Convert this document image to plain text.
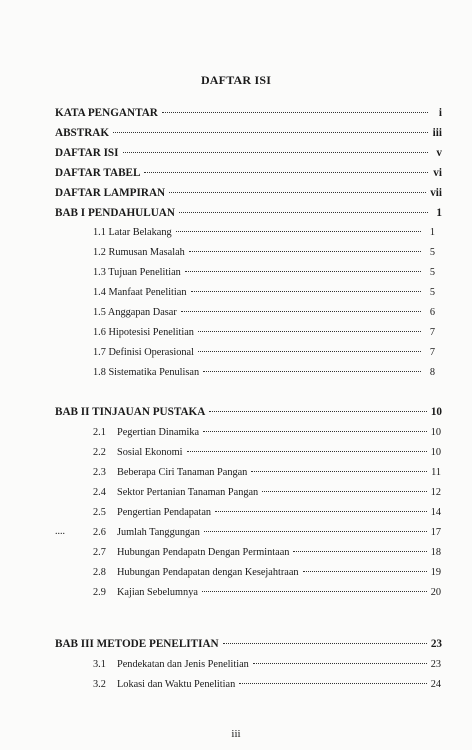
DAFTAR ISI
KATA PENGANTAR	i
ABSTRAK	iii
DAFTAR ISI	v
DAFTAR TABEL	vi
DAFTAR LAMPIRAN	vii
BAB I PENDAHULUAN	1
1.1 Latar Belakang	1
1.2 Rumusan Masalah	5
1.3 Tujuan Penelitian	5
1.4 Manfaat Penelitian	5
1.5 Anggapan Dasar	6
1.6 Hipotesisi Penelitian	7
1.7 Definisi Operasional	7
1.8 Sistematika Penulisan	8
BAB II TINJAUAN PUSTAKA	10
2.1 Pegertian Dinamika	10
2.2 Sosial Ekonomi	10
2.3 Beberapa Ciri Tanaman Pangan	11
2.4 Sektor Pertanian Tanaman Pangan	12
2.5 Pengertian Pendapatan	14
2.6 Jumlah Tanggungan	17
2.7 Hubungan Pendapatn Dengan Permintaan	18
2.8 Hubungan Pendapatan dengan Kesejahtraan	19
2.9 Kajian Sebelumnya	20
BAB III METODE PENELITIAN	23
3.1 Pendekatan dan Jenis Penelitian	23
3.2 Lokasi dan Waktu Penelitian	24
....
iii
